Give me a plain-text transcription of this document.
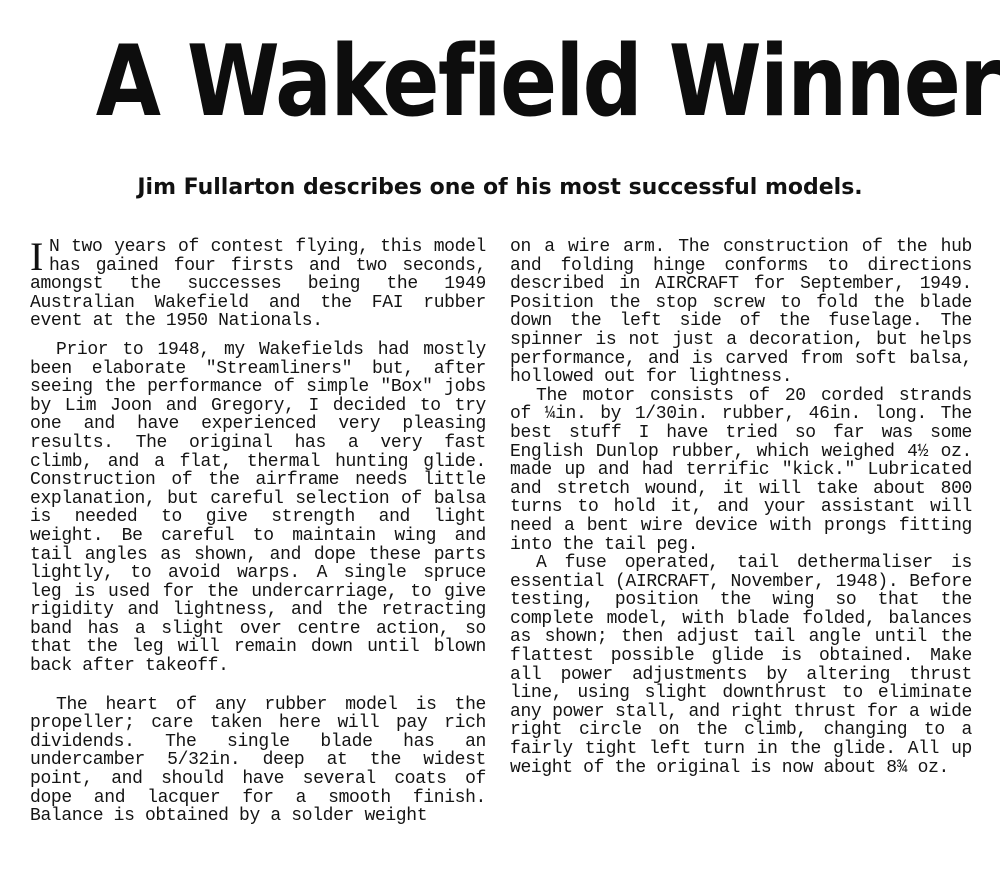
A Wakefield Winner
Jim Fullarton describes one of his most successful models.

I N two years of contest flying, this model has gained four firsts and two seconds, amongst the successes being the 1949 Australian Wakefield and the FAI rubber event at the 1950 Nationals.

Prior to 1948, my Wakefields had mostly been elaborate "Streamliners" but, after seeing the performance of simple "Box" jobs by Lim Joon and Gregory, I decided to try one and have experienced very pleasing results. The original has a very fast climb, and a flat, thermal hunting glide. Construction of the airframe needs little explanation, but careful selection of balsa is needed to give strength and light weight. Be careful to maintain wing and tail angles as shown, and dope these parts lightly, to avoid warps. A single spruce leg is used for the undercarriage, to give rigidity and lightness, and the retracting band has a slight over centre action, so that the leg will remain down until blown back after takeoff.

The heart of any rubber model is the propeller; care taken here will pay rich dividends. The single blade has an undercamber 5/32in. deep at the widest point, and should have several coats of dope and lacquer for a smooth finish. Balance is obtained by a solder weight

on a wire arm. The construction of the hub and folding hinge conforms to directions described in AIRCRAFT for September, 1949. Position the stop screw to fold the blade down the left side of the fuselage. The spinner is not just a decoration, but helps performance, and is carved from soft balsa, hollowed out for lightness.

The motor consists of 20 corded strands of ¼in. by 1/30in. rubber, 46in. long. The best stuff I have tried so far was some English Dunlop rubber, which weighed 4½ oz. made up and had terrific "kick." Lubricated and stretch wound, it will take about 800 turns to hold it, and your assistant will need a bent wire device with prongs fitting into the tail peg.

A fuse operated, tail dethermaliser is essential (AIRCRAFT, November, 1948). Before testing, position the wing so that the complete model, with blade folded, balances as shown; then adjust tail angle until the flattest possible glide is obtained. Make all power adjustments by altering thrust line, using slight downthrust to eliminate any power stall, and right thrust for a wide right circle on the climb, changing to a fairly tight left turn in the glide. All up weight of the original is now about 8¾ oz.
